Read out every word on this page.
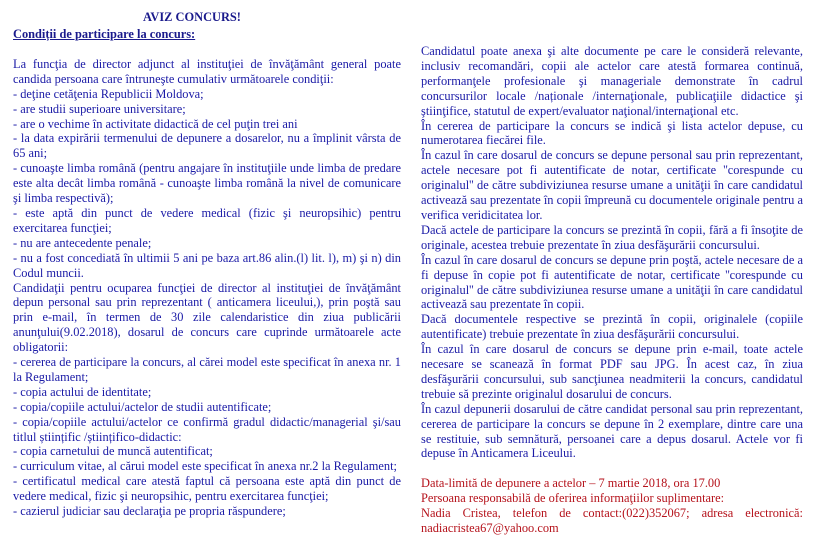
AVIZ CONCURS!
Condiții de participare la concurs:

La funcţia de director adjunct al instituţiei de învăţământ general poate candida persoana care întruneşte cumulativ următoarele condiţii:

- deţine cetăţenia Republicii Moldova;

- are studii superioare universitare;

- are o vechime în activitate didactică de cel puţin trei ani

- la data expirării termenului de depunere a dosarelor, nu a împlinit vârsta de 65 ani;

- cunoaşte limba română (pentru angajare în instituţiile unde limba de predare este alta decât limba română - cunoaşte limba română la nivel de comunicare şi limba respectivă);

- este aptă din punct de vedere medical (fizic şi neuropsihic) pentru exercitarea funcţiei;

- nu are antecedente penale;

- nu a fost concediată în ultimii 5 ani pe baza art.86 alin.(l) lit. l), m) şi n) din Codul muncii.

Candidaţii pentru ocuparea funcţiei de director al instituţiei de învăţământ depun personal sau prin reprezentant ( anticamera liceului,), prin poştă sau prin e-mail, în termen de 30 zile calendaristice din ziua publicării anunţului(9.02.2018), dosarul de concurs care cuprinde următoarele acte obligatorii:

- cererea de participare la concurs, al cărei model este specificat în anexa nr. 1 la Regulament;

- copia actului de identitate;

- copia/copiile actului/actelor de studii autentificate;

- copia/copiile actului/actelor ce confirmă gradul didactic/managerial şi/sau titlul științific /științifico-didactic:

- copia carnetului de muncă autentificat;

- curriculum vitae, al cărui model este specificat în anexa nr.2 la Regulament;

- certificatul medical care atestă faptul că persoana este aptă din punct de vedere medical, fizic şi neuropsihic, pentru exercitarea funcţiei;

- cazierul judiciar sau declaraţia pe propria răspundere;

Candidatul poate anexa şi alte documente pe care le consideră relevante, inclusiv recomandări, copii ale actelor care atestă formarea continuă, performanţele profesionale şi manageriale demonstrate în cadrul concursurilor locale /naționale /internaţionale, publicaţiile didactice şi ştiinţifice, statutul de expert/evaluator naţional/internaţional etc.

În cererea de participare la concurs se indică şi lista actelor depuse, cu numerotarea fiecărei file.

În cazul în care dosarul de concurs se depune personal sau prin reprezentant, actele necesare pot fi autentificate de notar, certificate ''corespunde cu originalul'' de către subdiviziunea resurse umane a unităţii în care candidatul activează sau prezentate în copii împreună cu documentele originale pentru a verifica veridicitatea lor.

Dacă actele de participare la concurs se prezintă în copii, fără a fi însoţite de originale, acestea trebuie prezentate în ziua desfăşurării concursului.

În cazul în care dosarul de concurs se depune prin poştă, actele necesare de a fi depuse în copie pot fi autentificate de notar, certificate ''corespunde cu originalul'' de către subdiviziunea resurse umane a unităţii în care candidatul activează sau prezentate în copii.

Dacă documentele respective se prezintă în copii, originalele (copiile autentificate) trebuie prezentate în ziua desfăşurării concursului.

În cazul în care dosarul de concurs se depune prin e-mail, toate actele necesare se scanează în format PDF sau JPG. În acest caz, în ziua desfăşurării concursului, sub sancţiunea neadmiterii la concurs, candidatul trebuie să prezinte originalul dosarului de concurs.

În cazul depunerii dosarului de către candidat personal sau prin reprezentant, cererea de participare la concurs se depune în 2 exemplare, dintre care una se restituie, sub semnătură, persoanei care a depus dosarul. Actele vor fi depuse în Anticamera Liceului.

Data-limită de depunere a actelor – 7 martie 2018, ora 17.00

Persoana responsabilă de oferirea informaţiilor suplimentare:

Nadia Cristea, telefon de contact:(022)352067; adresa electronică:

nadiacristea67@yahoo.com
